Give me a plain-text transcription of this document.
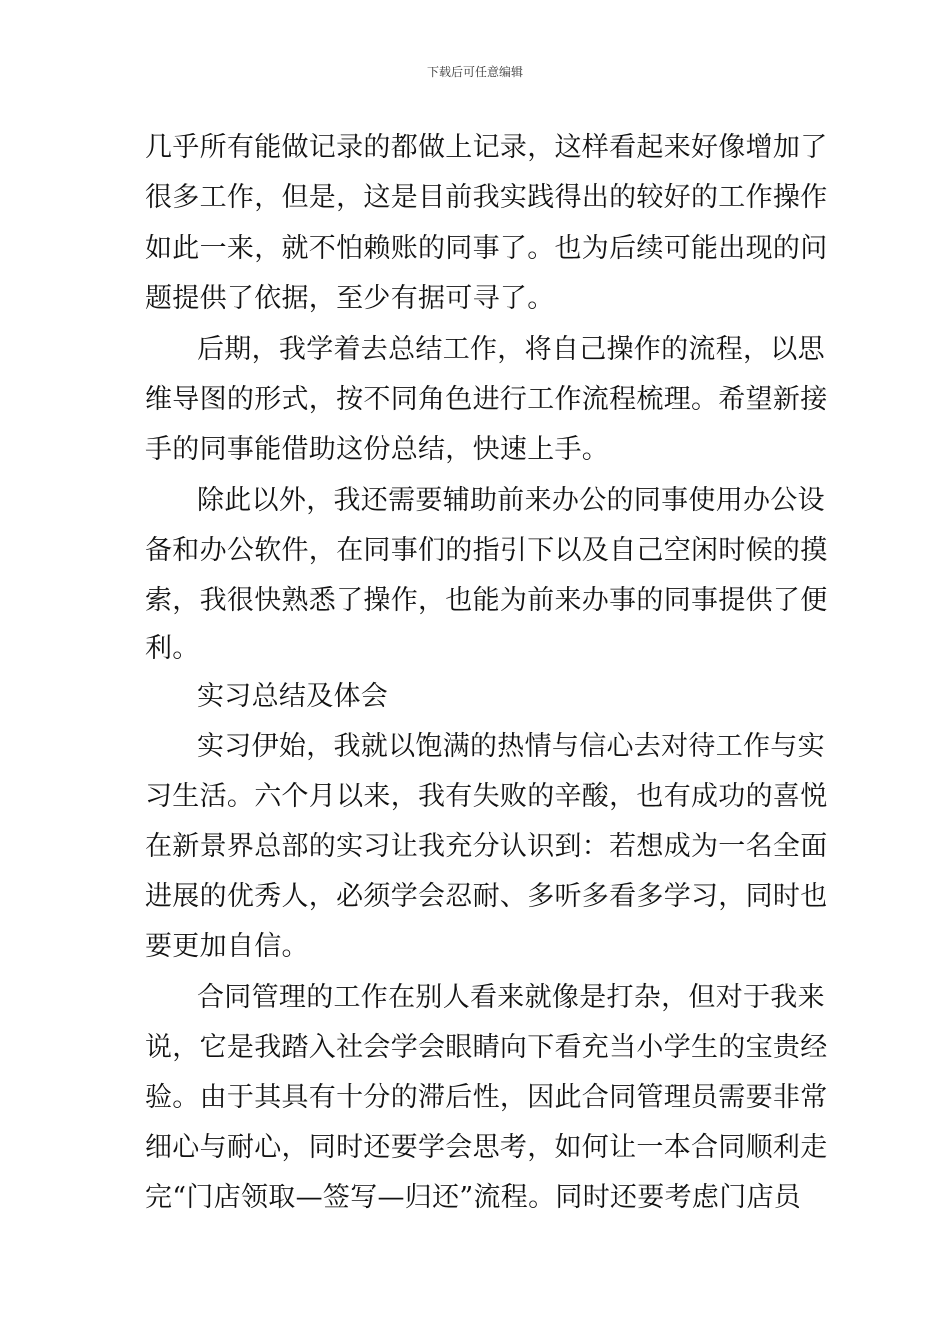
下载后可任意编辑
几乎所有能做记录的都做上记录，这样看起来好像增加了
很多工作，但是，这是目前我实践得出的较好的工作操作
如此一来，就不怕赖账的同事了。也为后续可能出现的问
题提供了依据，至少有据可寻了。
后期，我学着去总结工作，将自己操作的流程，以思
维导图的形式，按不同角色进行工作流程梳理。希望新接
手的同事能借助这份总结，快速上手。
除此以外，我还需要辅助前来办公的同事使用办公设
备和办公软件，在同事们的指引下以及自己空闲时候的摸
索，我很快熟悉了操作，也能为前来办事的同事提供了便
利。
实习总结及体会
实习伊始，我就以饱满的热情与信心去对待工作与实
习生活。六个月以来，我有失败的辛酸，也有成功的喜悦
在新景界总部的实习让我充分认识到：若想成为一名全面
进展的优秀人，必须学会忍耐、多听多看多学习，同时也
要更加自信。
合同管理的工作在别人看来就像是打杂，但对于我来
说，它是我踏入社会学会眼睛向下看充当小学生的宝贵经
验。由于其具有十分的滞后性，因此合同管理员需要非常
细心与耐心，同时还要学会思考，如何让一本合同顺利走
完“门店领取—签写—归还”流程。同时还要考虑门店员
